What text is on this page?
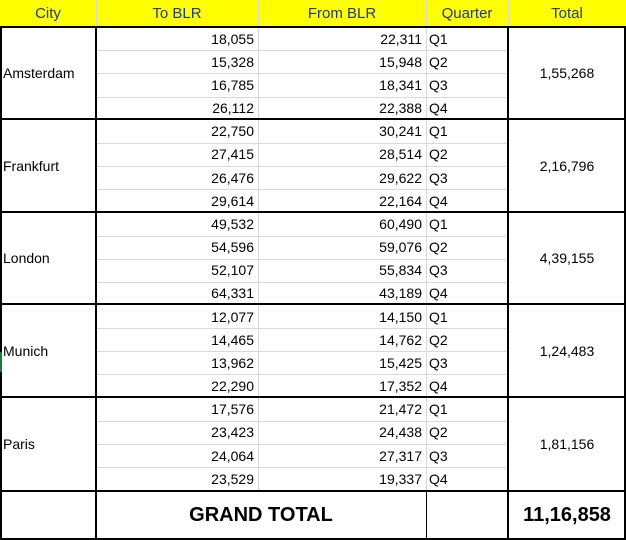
City	To BLR	From BLR	Quarter	Total
Amsterdam	1,55,268
18,055	22,311 Q1
15,328	15,948 Q2
16,785	18,341 Q3
26,112	22,388 Q4
Frankfurt	2,16,796
22,750	30,241 Q1
27,415	28,514 Q2
26,476	29,622 Q3
29,614	22,164 Q4
London	4,39,155
49,532	60,490 Q1
54,596	59,076 Q2
52,107	55,834 Q3
64,331	43,189 Q4
Munich	1,24,483
12,077	14,150 Q1
14,465	14,762 Q2
13,962	15,425 Q3
22,290	17,352 Q4
Paris	1,81,156
17,576	21,472 Q1
23,423	24,438 Q2
24,064	27,317 Q3
23,529	19,337 Q4
GRAND TOTAL	11,16,858
